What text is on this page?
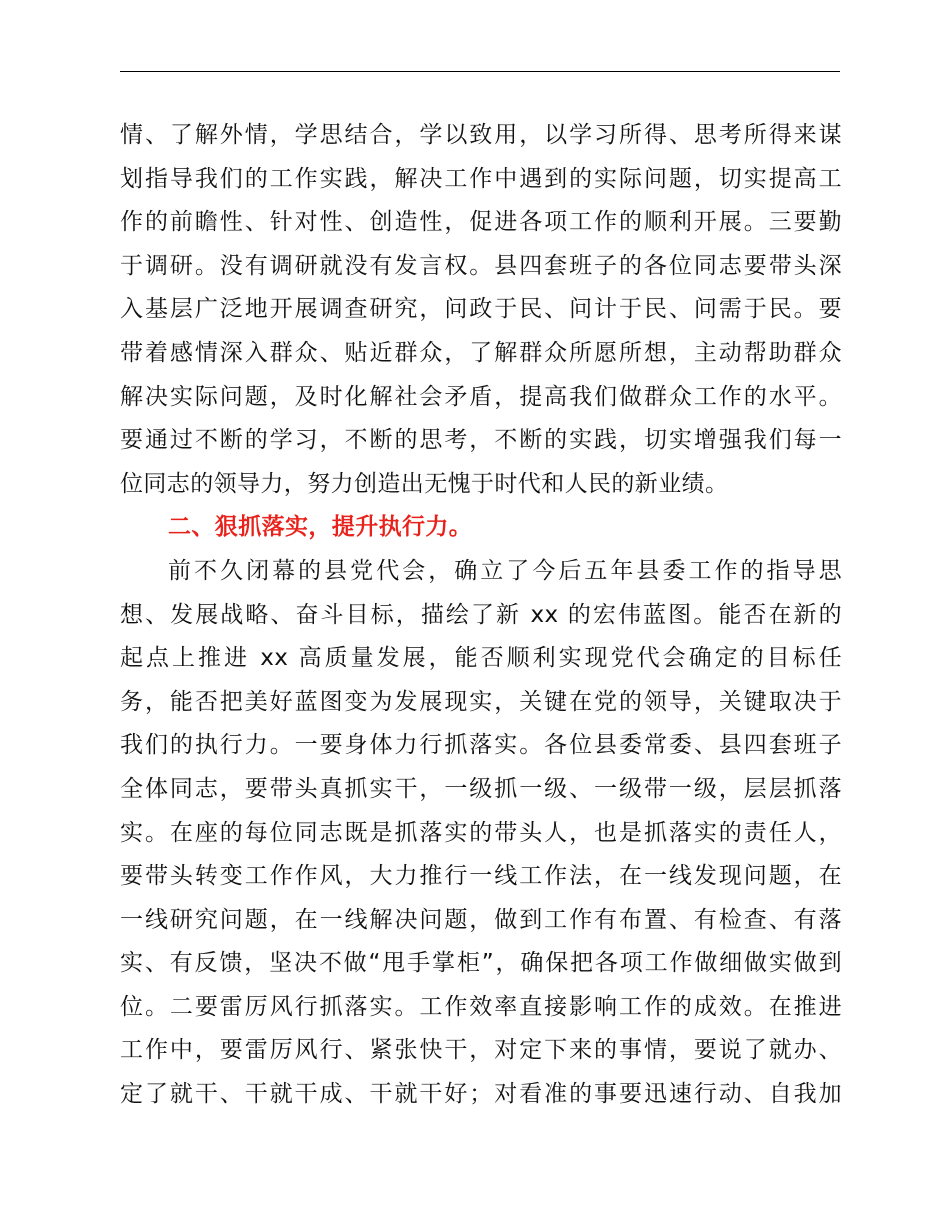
情、了解外情，学思结合，学以致用，以学习所得、思考所得来谋
划指导我们的工作实践，解决工作中遇到的实际问题，切实提高工
作的前瞻性、针对性、创造性，促进各项工作的顺利开展。三要勤
于调研。没有调研就没有发言权。县四套班子的各位同志要带头深
入基层广泛地开展调查研究，问政于民、问计于民、问需于民。要
带着感情深入群众、贴近群众，了解群众所愿所想，主动帮助群众
解决实际问题，及时化解社会矛盾，提高我们做群众工作的水平。
要通过不断的学习，不断的思考，不断的实践，切实增强我们每一
位同志的领导力，努力创造出无愧于时代和人民的新业绩。
二、狠抓落实，提升执行力。
前不久闭幕的县党代会，确立了今后五年县委工作的指导思
想、发展战略、奋斗目标，描绘了新 xx 的宏伟蓝图。能否在新的
起点上推进 xx 高质量发展，能否顺利实现党代会确定的目标任
务，能否把美好蓝图变为发展现实，关键在党的领导，关键取决于
我们的执行力。一要身体力行抓落实。各位县委常委、县四套班子
全体同志，要带头真抓实干，一级抓一级、一级带一级，层层抓落
实。在座的每位同志既是抓落实的带头人，也是抓落实的责任人，
要带头转变工作作风，大力推行一线工作法，在一线发现问题，在
一线研究问题，在一线解决问题，做到工作有布置、有检查、有落
实、有反馈，坚决不做“甩手掌柜”，确保把各项工作做细做实做到
位。二要雷厉风行抓落实。工作效率直接影响工作的成效。在推进
工作中，要雷厉风行、紧张快干，对定下来的事情，要说了就办、
定了就干、干就干成、干就干好；对看准的事要迅速行动、自我加
